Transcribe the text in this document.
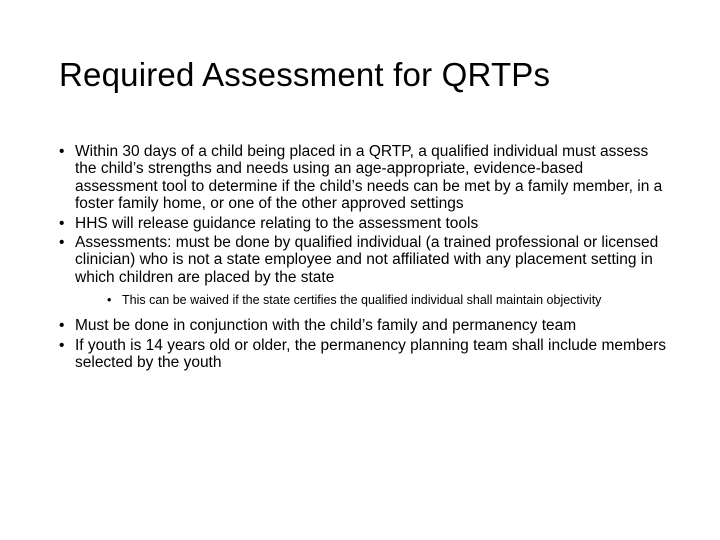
Required Assessment for QRTPs
• Within 30 days of a child being placed in a QRTP, a qualified individual must assess the child’s strengths and needs using an age-appropriate, evidence-based assessment tool to determine if the child’s needs can be met by a family member, in a foster family home, or one of the other approved settings
• HHS will release guidance relating to the assessment tools
• Assessments: must be done by qualified individual (a trained professional or licensed clinician) who is not a state employee and not affiliated with any placement setting in which children are placed by the state
• This can be waived if the state certifies the qualified individual shall maintain objectivity
• Must be done in conjunction with the child’s family and permanency team
• If youth is 14 years old or older, the permanency planning team shall include members selected by the youth
